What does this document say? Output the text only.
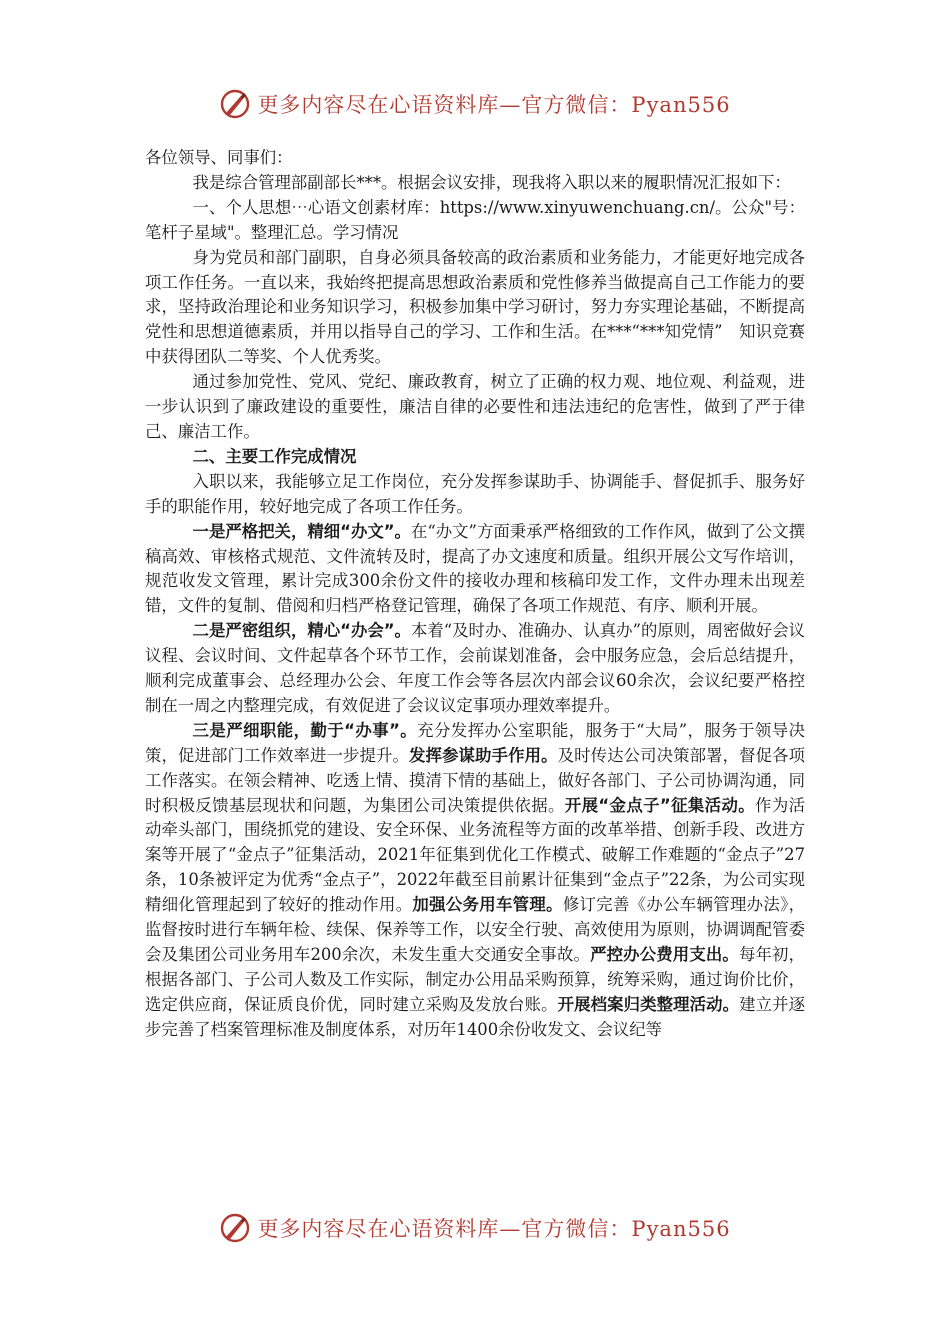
更多内容尽在心语资料库—官方微信：Pyan556

各位领导、同事们：

我是综合管理部副部长***。根据会议安排，现我将入职以来的履职情况汇报如下：

一、个人思想⋯心语文创素材库：https://www.xinyuwenchuang.cn/。公众"号：笔杆子星域"。整理汇总。学习情况

身为党员和部门副职，自身必须具备较高的政治素质和业务能力，才能更好地完成各项工作任务。一直以来，我始终把提高思想政治素质和党性修养当做提高自己工作能力的要求，坚持政治理论和业务知识学习，积极参加集中学习研讨，努力夯实理论基础，不断提高党性和思想道德素质，并用以指导自己的学习、工作和生活。在***“***知党情”　知识竞赛中获得团队二等奖、个人优秀奖。

通过参加党性、党风、党纪、廉政教育，树立了正确的权力观、地位观、利益观，进一步认识到了廉政建设的重要性，廉洁自律的必要性和违法违纪的危害性，做到了严于律己、廉洁工作。

二、主要工作完成情况

入职以来，我能够立足工作岗位，充分发挥参谋助手、协调能手、督促抓手、服务好手的职能作用，较好地完成了各项工作任务。

一是严格把关，精细“办文”。在“办文”方面秉承严格细致的工作作风，做到了公文撰稿高效、审核格式规范、文件流转及时，提高了办文速度和质量。组织开展公文写作培训，规范收发文管理，累计完成300余份文件的接收办理和核稿印发工作，文件办理未出现差错，文件的复制、借阅和归档严格登记管理，确保了各项工作规范、有序、顺利开展。

二是严密组织，精心“办会”。本着“及时办、准确办、认真办”的原则，周密做好会议议程、会议时间、文件起草各个环节工作，会前谋划准备，会中服务应急，会后总结提升，顺利完成董事会、总经理办公会、年度工作会等各层次内部会议60余次，会议纪要严格控制在一周之内整理完成，有效促进了会议议定事项办理效率提升。

三是严细职能，勤于“办事”。充分发挥办公室职能，服务于“大局”，服务于领导决策，促进部门工作效率进一步提升。发挥参谋助手作用。及时传达公司决策部署，督促各项工作落实。在领会精神、吃透上情、摸清下情的基础上，做好各部门、子公司协调沟通，同时积极反馈基层现状和问题，为集团公司决策提供依据。开展“金点子”征集活动。作为活动牵头部门，围绕抓党的建设、安全环保、业务流程等方面的改革举措、创新手段、改进方案等开展了“金点子”征集活动，2021年征集到优化工作模式、破解工作难题的“金点子”27条，10条被评定为优秀“金点子”，2022年截至目前累计征集到“金点子”22条，为公司实现精细化管理起到了较好的推动作用。加强公务用车管理。修订完善《办公车辆管理办法》，监督按时进行车辆年检、续保、保养等工作，以安全行驶、高效使用为原则，协调调配管委会及集团公司业务用车200余次，未发生重大交通安全事故。严控办公费用支出。每年初，根据各部门、子公司人数及工作实际，制定办公用品采购预算，统筹采购，通过询价比价，选定供应商，保证质良价优，同时建立采购及发放台账。开展档案归类整理活动。建立并逐步完善了档案管理标准及制度体系，对历年1400余份收发文、会议纪等

更多内容尽在心语资料库—官方微信：Pyan556
